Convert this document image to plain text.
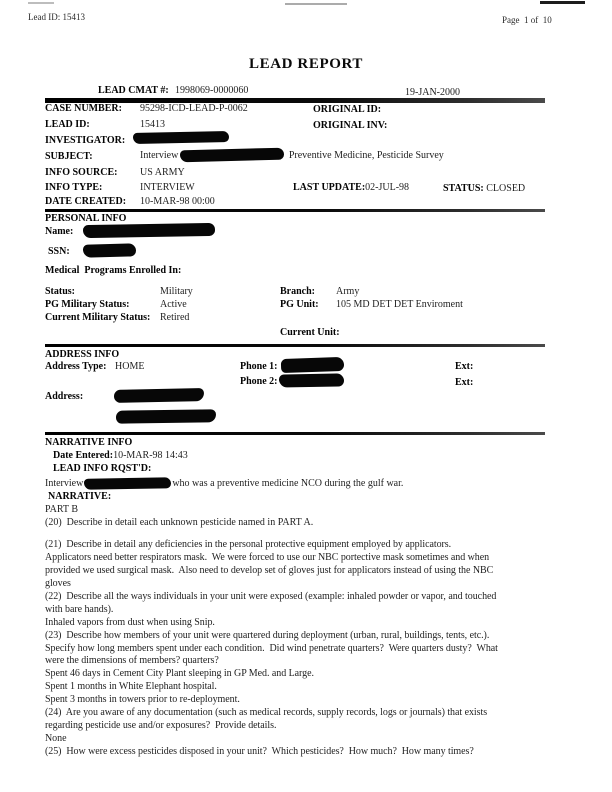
Lead ID: 15413	Page  1 of  10
LEAD REPORT
LEAD CMAT #: 1998069-0000060	19-JAN-2000
CASE NUMBER: 95298-ICD-LEAD-P-0062	ORIGINAL ID:
LEAD ID:	15413	ORIGINAL INV:
INVESTIGATOR:
SUBJECT:	Interview	Preventive Medicine, Pesticide Survey
INFO SOURCE: US ARMY
INFO TYPE:	INTERVIEW	LAST UPDATE: 02-JUL-98	STATUS: CLOSED
DATE CREATED: 10-MAR-98 00:00
PERSONAL INFO
Name:
SSN:
Medical  Programs Enrolled In:
Status:	Military	Branch: Army
PG Military Status:	Active	PG Unit: 105 MD DET DET Enviroment
Current Military Status: Retired
Current Unit:
ADDRESS INFO
Address Type: HOME	Phone 1:	Ext:
Phone 2:	Ext:
Address:
NARRATIVE INFO
Date Entered: 10-MAR-98 14:43
LEAD INFO RQST'D:
Interview	who was a preventive medicine NCO during the gulf war.
NARRATIVE:
PART B
(20)  Describe in detail each unknown pesticide named in PART A.
(21)  Describe in detail any deficiencies in the personal protective equipment employed by applicators.
Applicators need better respirators mask.  We were forced to use our NBC portective mask sometimes and when
provided we used surgical mask.  Also need to develop set of gloves just for applicators instead of using the NBC
gloves
(22)  Describe all the ways individuals in your unit were exposed (example: inhaled powder or vapor, and touched
with bare hands).
Inhaled vapors from dust when using Snip.
(23)  Describe how members of your unit were quartered during deployment (urban, rural, buildings, tents, etc.).
Specify how long members spent under each condition.  Did wind penetrate quarters?  Were quarters dusty?  What
were the dimensions of members? quarters?
Spent 46 days in Cement City Plant sleeping in GP Med. and Large.
Spent 1 months in White Elephant hospital.
Spent 3 months in towers prior to re-deployment.
(24)  Are you aware of any documentation (such as medical records, supply records, logs or journals) that exists
regarding pesticide use and/or exposures?  Provide details.
None
(25)  How were excess pesticides disposed in your unit?  Which pesticides?  How much?  How many times?
